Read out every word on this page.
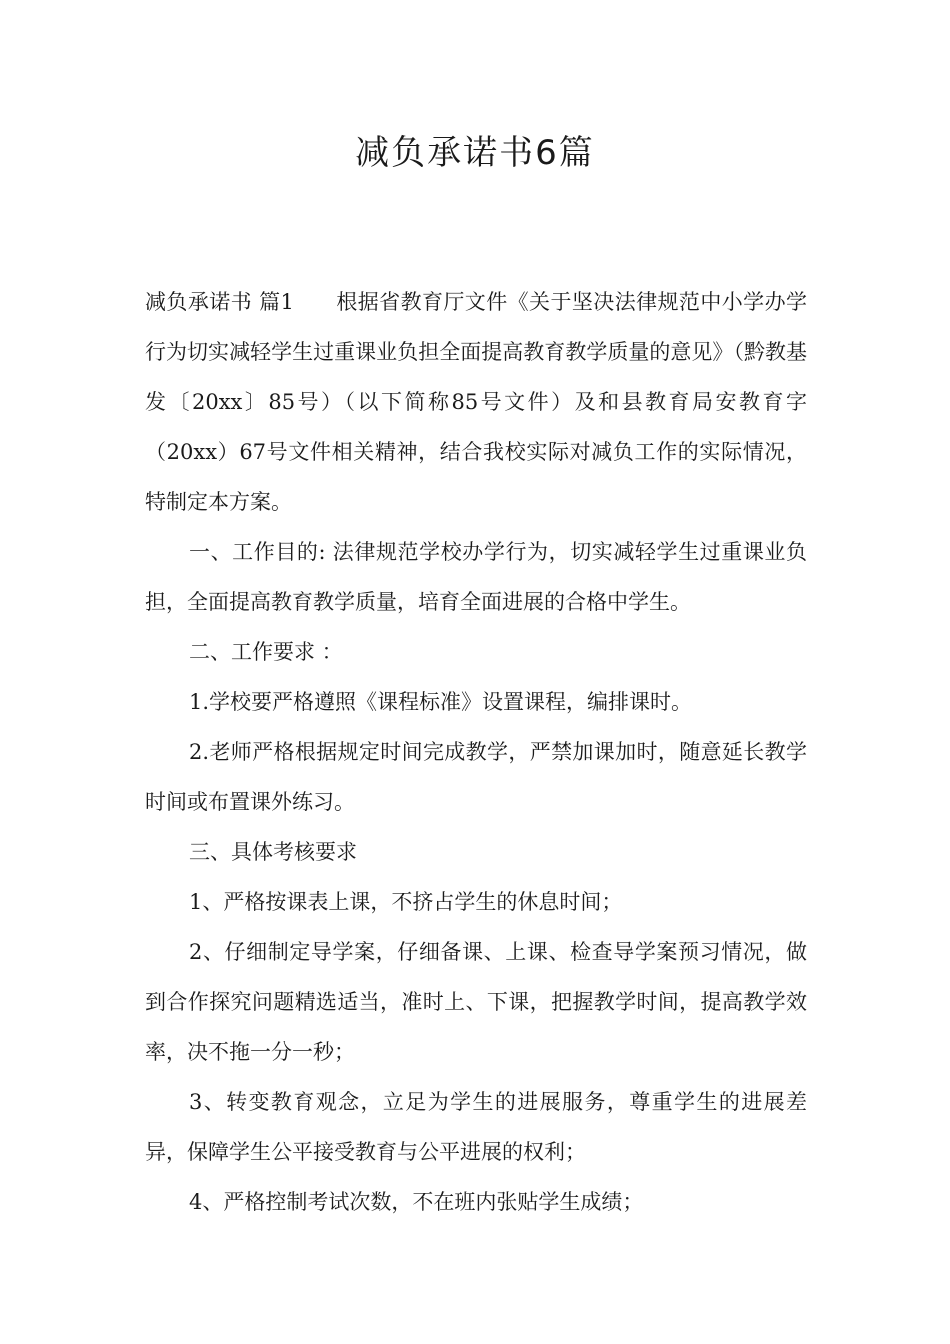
减负承诺书6篇

减负承诺书 篇1 根据省教育厅文件《关于坚决法律规范中小学办学行为切实减轻学生过重课业负担全面提高教育教学质量的意见》（黔教基发〔20xx〕85号）（以下简称85号文件）及和县教育局安教育字（20xx）67号文件相关精神，结合我校实际对减负工作的实际情况，特制定本方案。

一、工作目的: 法律规范学校办学行为，切实减轻学生过重课业负担，全面提高教育教学质量，培育全面进展的合格中学生。

二、工作要求 ：

1.学校要严格遵照《课程标准》设置课程，编排课时。

2.老师严格根据规定时间完成教学，严禁加课加时，随意延长教学时间或布置课外练习。

三、具体考核要求

1、严格按课表上课，不挤占学生的休息时间；

2、仔细制定导学案，仔细备课、上课、检查导学案预习情况，做到合作探究问题精选适当，准时上、下课，把握教学时间，提高教学效率，决不拖一分一秒；

3、转变教育观念，立足为学生的进展服务，尊重学生的进展差异，保障学生公平接受教育与公平进展的权利；

4、严格控制考试次数，不在班内张贴学生成绩；
